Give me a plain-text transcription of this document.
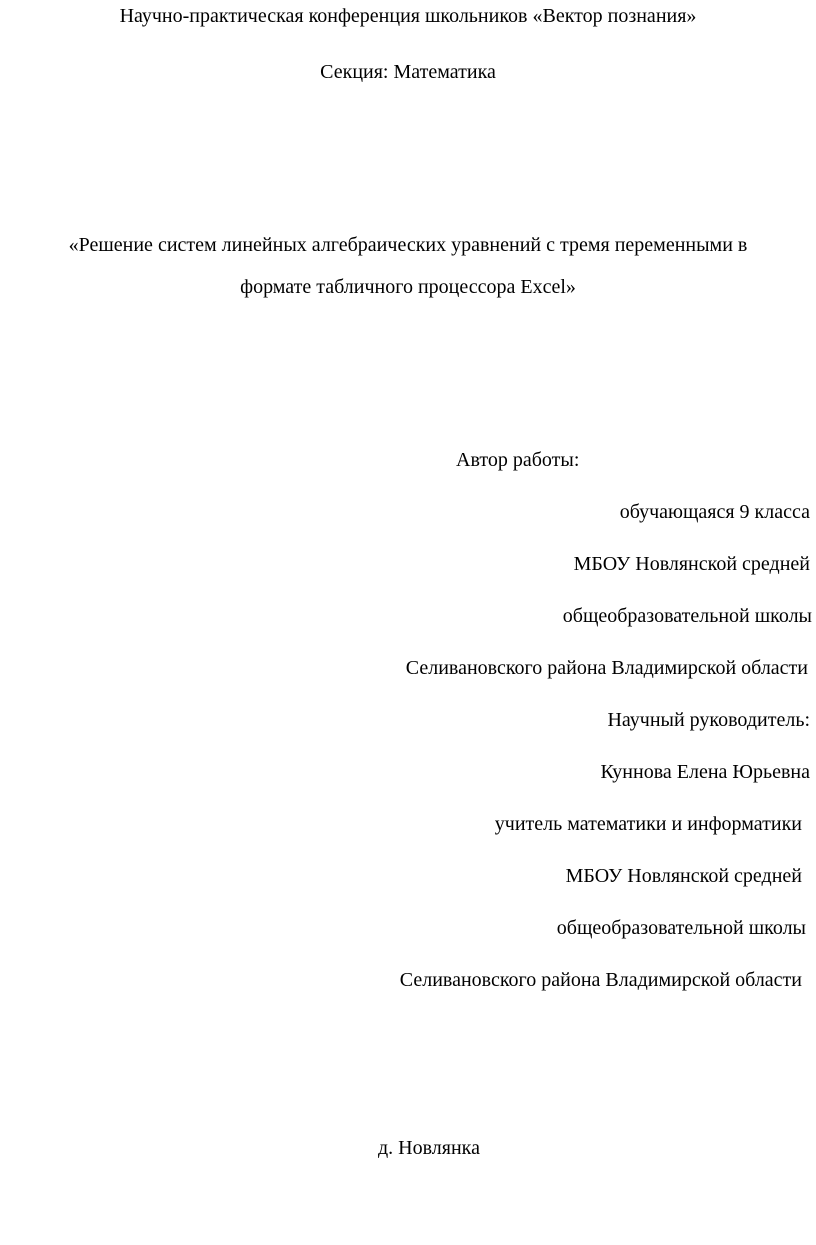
Научно-практическая конференция школьников «Вектор познания»
Секция: Математика
«Решение систем линейных алгебраических уравнений с тремя переменными в
формате табличного процессора Excel»
Автор работы:
обучающаяся 9 класса
МБОУ Новлянской средней
общеобразовательной школы
Селивановского района Владимирской области
Научный руководитель:
Куннова Елена Юрьевна
учитель математики и информатики
МБОУ Новлянской средней
общеобразовательной школы
Селивановского района Владимирской области
д. Новлянка
